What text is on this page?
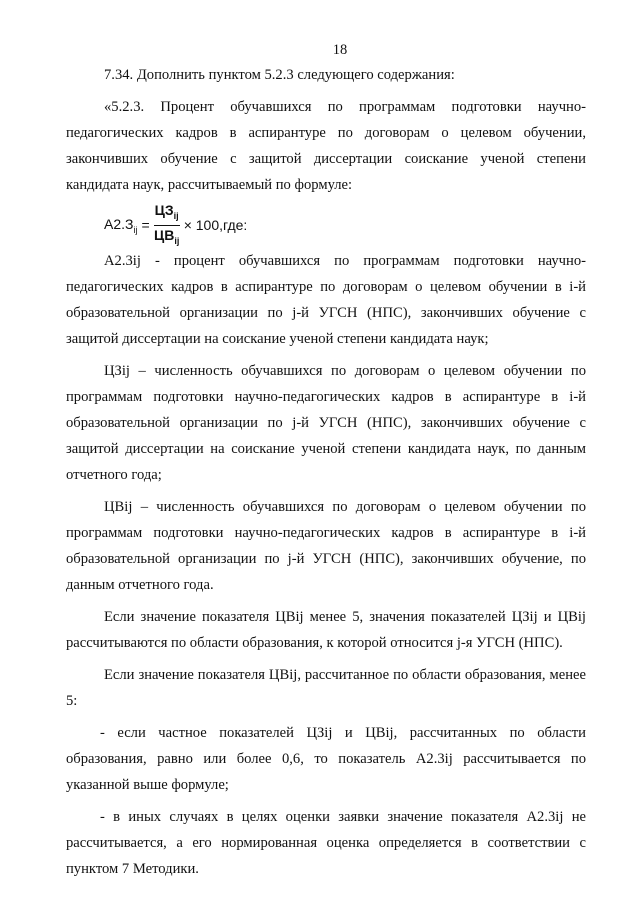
18

7.34. Дополнить пунктом 5.2.3 следующего содержания:

«5.2.3. Процент обучавшихся по программам подготовки научно-педагогических кадров в аспирантуре по договорам о целевом обучении, закончивших обучение с защитой диссертации соискание ученой степени кандидата наук, рассчитываемый по формуле:

$А2.З_{ij} = \frac{ЦЗ_{ij}}{ЦВ_{ij}} \times 100,где$:

А2.3ij - процент обучавшихся по программам подготовки научно-педагогических кадров в аспирантуре по договорам о целевом обучении в i-й образовательной организации по j-й УГСН (НПС), закончивших обучение с защитой диссертации на соискание ученой степени кандидата наук;

ЦЗij – численность обучавшихся по договорам о целевом обучении по программам подготовки научно-педагогических кадров в аспирантуре в i-й образовательной организации по j-й УГСН (НПС), закончивших обучение с защитой диссертации на соискание ученой степени кандидата наук, по данным отчетного года;

ЦВij – численность обучавшихся по договорам о целевом обучении по программам подготовки научно-педагогических кадров в аспирантуре в i-й образовательной организации по j-й УГСН (НПС), закончивших обучение, по данным отчетного года.

Если значение показателя ЦВij менее 5, значения показателей ЦЗij и ЦВij рассчитываются по области образования, к которой относится j-я УГСН (НПС).

Если значение показателя ЦВij, рассчитанное по области образования, менее 5:

- если частное показателей ЦЗij и ЦВij, рассчитанных по области образования, равно или более 0,6, то показатель А2.3ij рассчитывается по указанной выше формуле;

- в иных случаях в целях оценки заявки значение показателя А2.3ij не рассчитывается, а его нормированная оценка определяется в соответствии с пунктом 7 Методики.
